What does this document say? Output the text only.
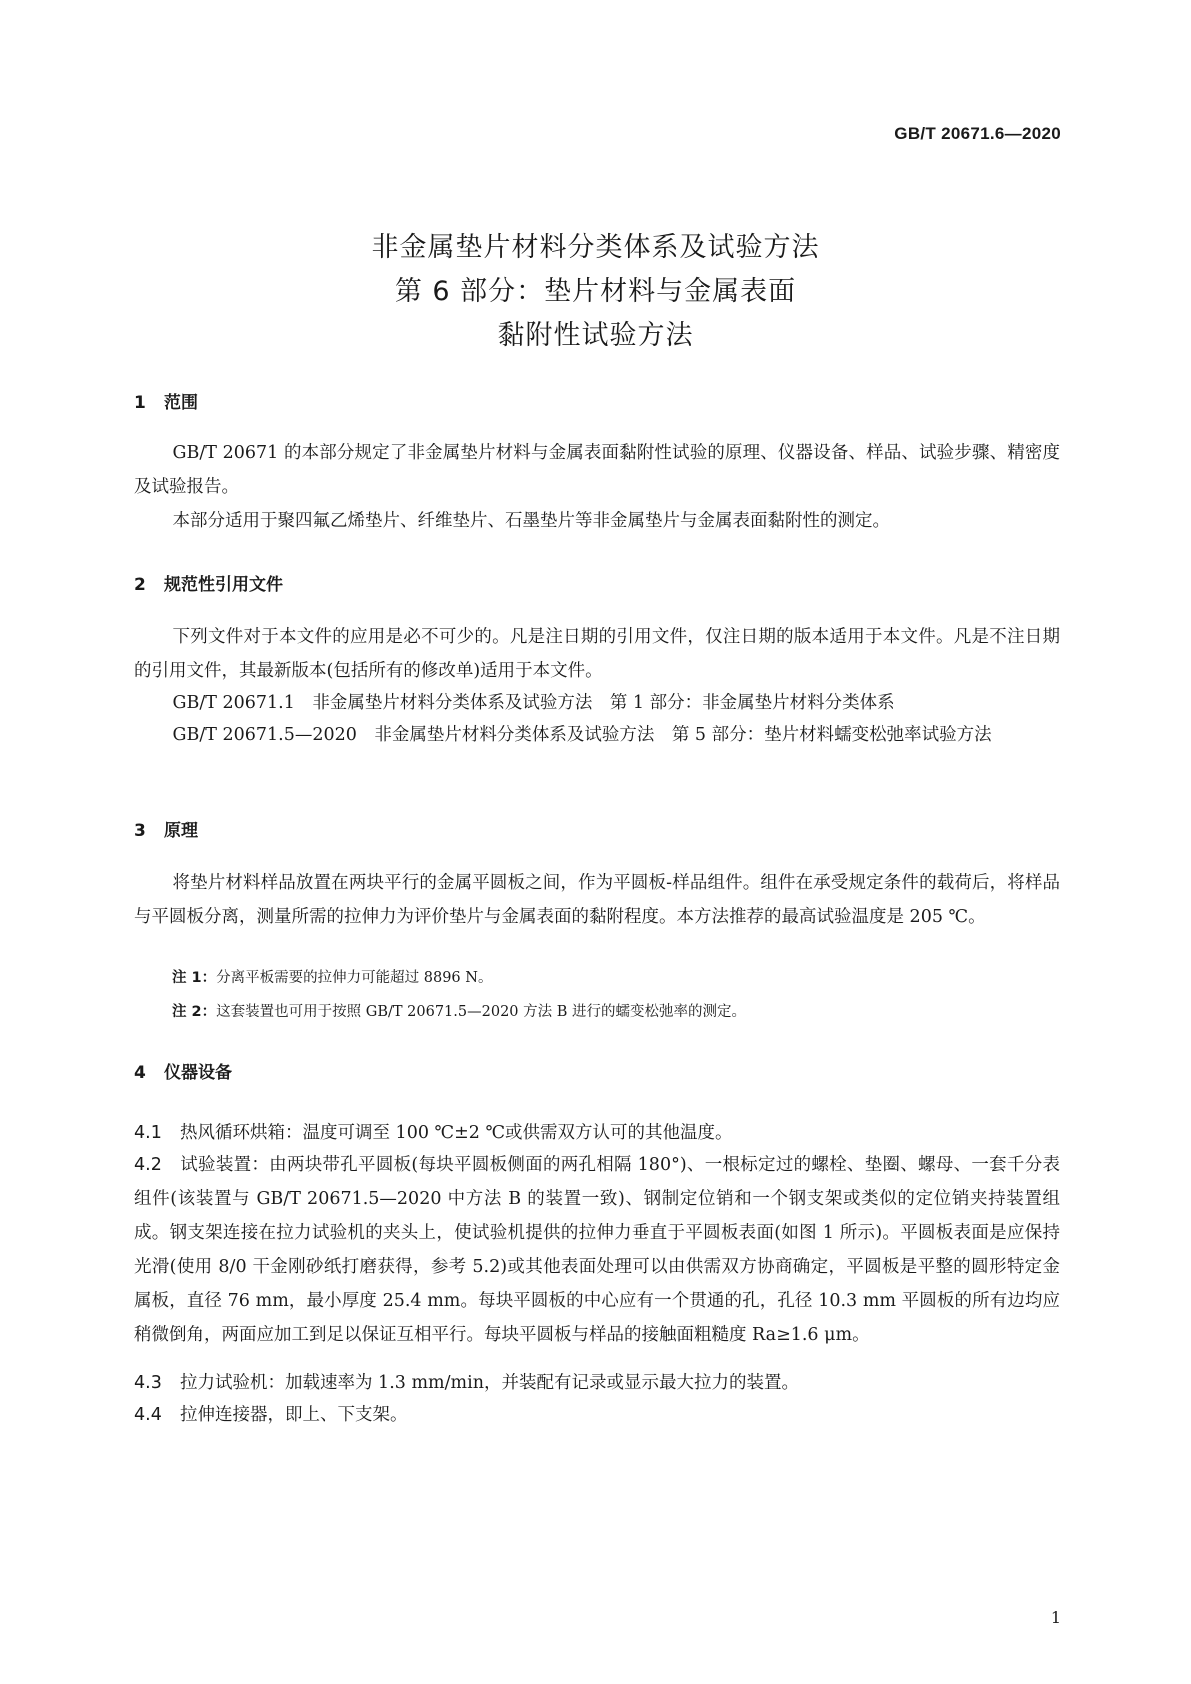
GB/T 20671.6—2020
非金属垫片材料分类体系及试验方法
第 6 部分：垫片材料与金属表面
黏附性试验方法
1 范围
GB/T 20671 的本部分规定了非金属垫片材料与金属表面黏附性试验的原理、仪器设备、样品、试验步骤、精密度及试验报告。
本部分适用于聚四氟乙烯垫片、纤维垫片、石墨垫片等非金属垫片与金属表面黏附性的测定。
2 规范性引用文件
下列文件对于本文件的应用是必不可少的。凡是注日期的引用文件，仅注日期的版本适用于本文件。凡是不注日期的引用文件，其最新版本(包括所有的修改单)适用于本文件。
GB/T 20671.1　非金属垫片材料分类体系及试验方法　第 1 部分：非金属垫片材料分类体系
GB/T 20671.5—2020　非金属垫片材料分类体系及试验方法　第 5 部分：垫片材料蠕变松弛率试验方法
3 原理
将垫片材料样品放置在两块平行的金属平圆板之间，作为平圆板-样品组件。组件在承受规定条件的载荷后，将样品与平圆板分离，测量所需的拉伸力为评价垫片与金属表面的黏附程度。本方法推荐的最高试验温度是 205 ℃。
注 1：分离平板需要的拉伸力可能超过 8896 N。
注 2：这套装置也可用于按照 GB/T 20671.5—2020 方法 B 进行的蠕变松弛率的测定。
4 仪器设备
4.1 热风循环烘箱：温度可调至 100 ℃±2 ℃或供需双方认可的其他温度。
4.2 试验装置：由两块带孔平圆板(每块平圆板侧面的两孔相隔 180°)、一根标定过的螺栓、垫圈、螺母、一套千分表组件(该装置与 GB/T 20671.5—2020 中方法 B 的装置一致)、钢制定位销和一个钢支架或类似的定位销夹持装置组成。钢支架连接在拉力试验机的夹头上，使试验机提供的拉伸力垂直于平圆板表面(如图 1 所示)。平圆板表面是应保持光滑(使用 8/0 干金刚砂纸打磨获得，参考 5.2)或其他表面处理可以由供需双方协商确定，平圆板是平整的圆形特定金属板，直径 76 mm，最小厚度 25.4 mm。每块平圆板的中心应有一个贯通的孔，孔径 10.3 mm 平圆板的所有边均应稍微倒角，两面应加工到足以保证互相平行。每块平圆板与样品的接触面粗糙度 Ra≥1.6 μm。
4.3 拉力试验机：加载速率为 1.3 mm/min，并装配有记录或显示最大拉力的装置。
4.4 拉伸连接器，即上、下支架。
1
